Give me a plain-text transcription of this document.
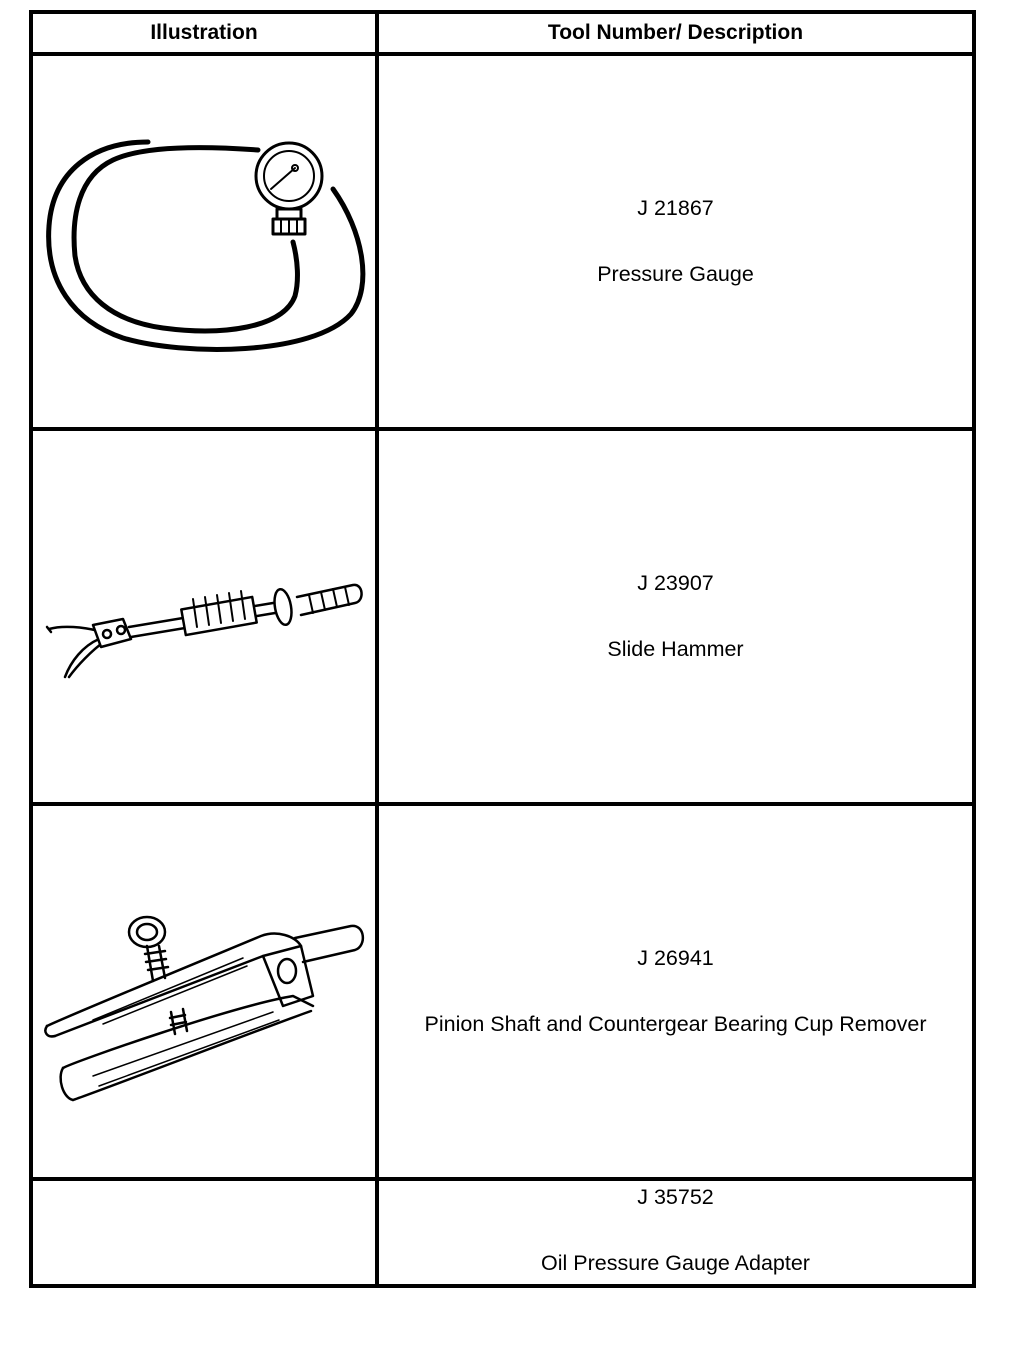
Illustration	Tool Number/ Description

J 21867
Pressure Gauge

J 23907
Slide Hammer

J 26941
Pinion Shaft and Countergear Bearing Cup Remover

	J 35752
Oil Pressure Gauge Adapter
